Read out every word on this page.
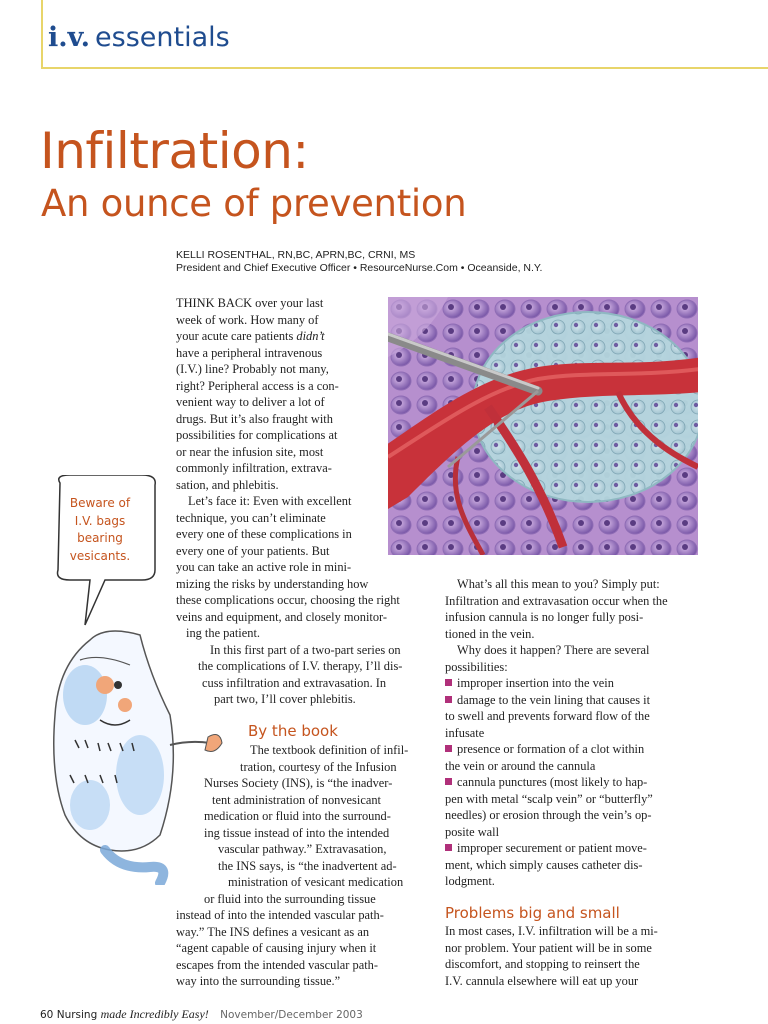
i.v. essentials
Infiltration:
An ounce of prevention
KELLI ROSENTHAL, RN,BC, APRN,BC, CRNI, MS
President and Chief Executive Officer • ResourceNurse.Com • Oceanside, N.Y.
Beware of
I.V. bags
bearing
vesicants.
THINK BACK over your last
week of work. How many of
your acute care patients didn’t
have a peripheral intravenous
(I.V.) line? Probably not many,
right? Peripheral access is a con-
venient way to deliver a lot of
drugs. But it’s also fraught with
possibilities for complications at
or near the infusion site, most
commonly infiltration, extrava-
sation, and phlebitis.
Let’s face it: Even with excellent
technique, you can’t eliminate
every one of these complications in
every one of your patients. But
you can take an active role in mini-
mizing the risks by understanding how
these complications occur, choosing the right
veins and equipment, and closely monitor-
ing the patient.
In this first part of a two-part series on
the complications of I.V. therapy, I’ll dis-
cuss infiltration and extravasation. In
part two, I’ll cover phlebitis.
By the book
The textbook definition of infil-
tration, courtesy of the Infusion
Nurses Society (INS), is “the inadver-
tent administration of nonvesicant
medication or fluid into the surround-
ing tissue instead of into the intended
vascular pathway.” Extravasation,
the INS says, is “the inadvertent ad-
ministration of vesicant medication
or fluid into the surrounding tissue
instead of into the intended vascular path-
way.” The INS defines a vesicant as an
“agent capable of causing injury when it
escapes from the intended vascular path-
way into the surrounding tissue.”
What’s all this mean to you? Simply put:
Infiltration and extravasation occur when the
infusion cannula is no longer fully posi-
tioned in the vein.
Why does it happen? There are several
possibilities:
improper insertion into the vein
damage to the vein lining that causes it
to swell and prevents forward flow of the
infusate
presence or formation of a clot within
the vein or around the cannula
cannula punctures (most likely to hap-
pen with metal “scalp vein” or “butterfly”
needles) or erosion through the vein’s op-
posite wall
improper securement or patient move-
ment, which simply causes catheter dis-
lodgment.
Problems big and small
In most cases, I.V. infiltration will be a mi-
nor problem. Your patient will be in some
discomfort, and stopping to reinsert the
I.V. cannula elsewhere will eat up your
60 Nursing made Incredibly Easy! November/December 2003
